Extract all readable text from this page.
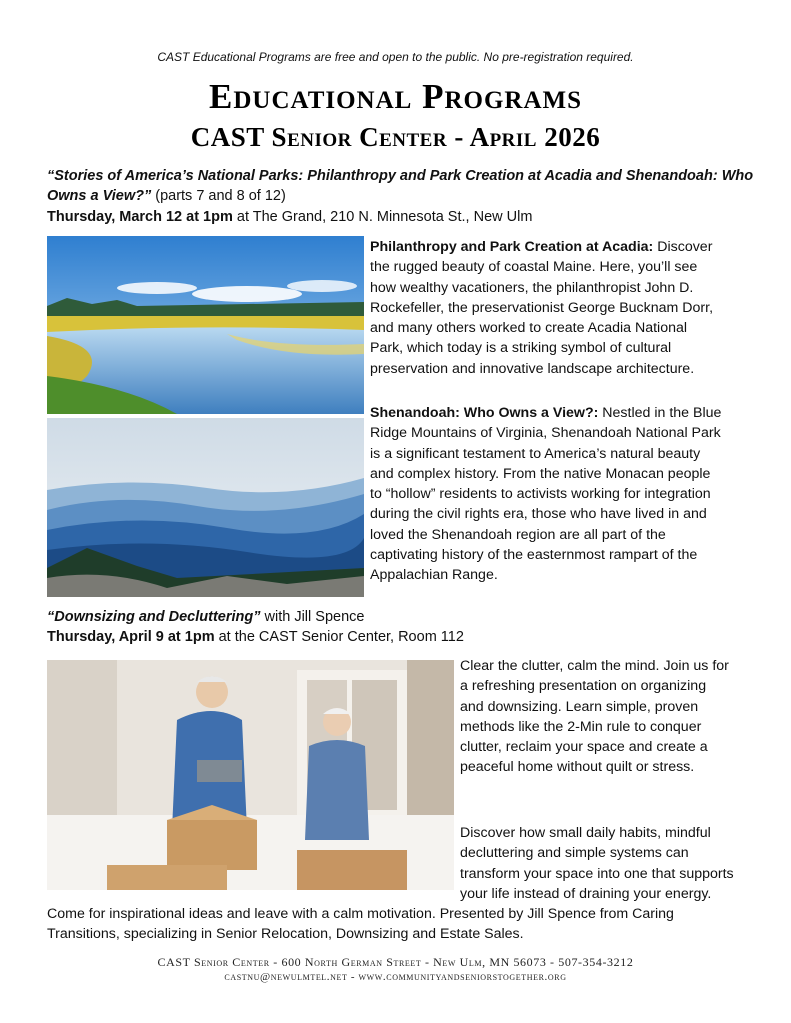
CAST Educational Programs are free and open to the public. No pre-registration required.
Educational Programs
CAST Senior Center - April 2026
“Stories of America’s National Parks: Philanthropy and Park Creation at Acadia and Shenandoah: Who Owns a View?” (parts 7 and 8 of 12)
Thursday, March 12 at 1pm at The Grand, 210 N. Minnesota St., New Ulm
Philanthropy and Park Creation at Acadia: Discover the rugged beauty of coastal Maine. Here, you’ll see how wealthy vacationers, the philanthropist John D. Rockefeller, the preservationist George Bucknam Dorr, and many others worked to create Acadia National Park, which today is a striking symbol of cultural preservation and innovative landscape architecture.
Shenandoah: Who Owns a View?: Nestled in the Blue Ridge Mountains of Virginia, Shenandoah National Park is a significant testament to America’s natural beauty and complex history. From the native Monacan people to “hollow” residents to activists working for integration during the civil rights era, those who have lived in and loved the Shenandoah region are all part of the captivating history of the easternmost rampart of the Appalachian Range.
“Downsizing and Decluttering” with Jill Spence
Thursday, April 9 at 1pm at the CAST Senior Center, Room 112
Clear the clutter, calm the mind. Join us for a refreshing presentation on organizing and downsizing. Learn simple, proven methods like the 2-Min rule to conquer clutter, reclaim your space and create a peaceful home without quilt or stress.
Discover how small daily habits, mindful decluttering and simple systems can transform your space into one that supports your life instead of draining your energy. Come for inspirational ideas and leave with a calm motivation. Presented by Jill Spence from Caring Transitions, specializing in Senior Relocation, Downsizing and Estate Sales.
CAST Senior Center - 600 North German Street - New Ulm, MN 56073 - 507-354-3212
castnu@newulmtel.net - www.communityandseniorstogether.org
